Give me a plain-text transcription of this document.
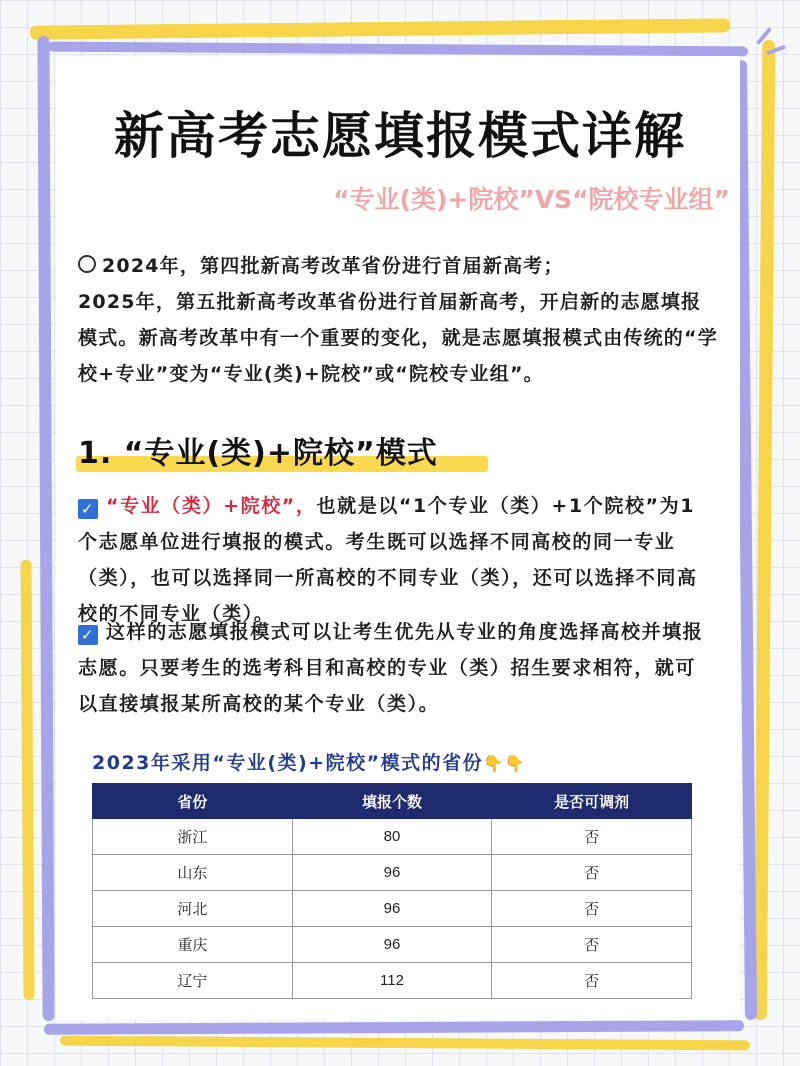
新高考志愿填报模式详解
“专业(类)+院校”VS“院校专业组”
2024年，第四批新高考改革省份进行首届新高考；
2025年，第五批新高考改革省份进行首届新高考，开启新的志愿填报模式。新高考改革中有一个重要的变化，就是志愿填报模式由传统的“学校+专业”变为“专业(类)+院校”或“院校专业组”。
1. “专业(类)+院校”模式
✓ “专业（类）+院校”，也就是以“1个专业（类）+1个院校”为1个志愿单位进行填报的模式。考生既可以选择不同高校的同一专业（类），也可以选择同一所高校的不同专业（类），还可以选择不同高校的不同专业（类）。
✓ 这样的志愿填报模式可以让考生优先从专业的角度选择高校并填报志愿。只要考生的选考科目和高校的专业（类）招生要求相符，就可以直接填报某所高校的某个专业（类）。
2023年采用“专业(类)+院校”模式的省份👇👇
省份	填报个数	是否可调剂
浙江	80	否
山东	96	否
河北	96	否
重庆	96	否
辽宁	112	否
